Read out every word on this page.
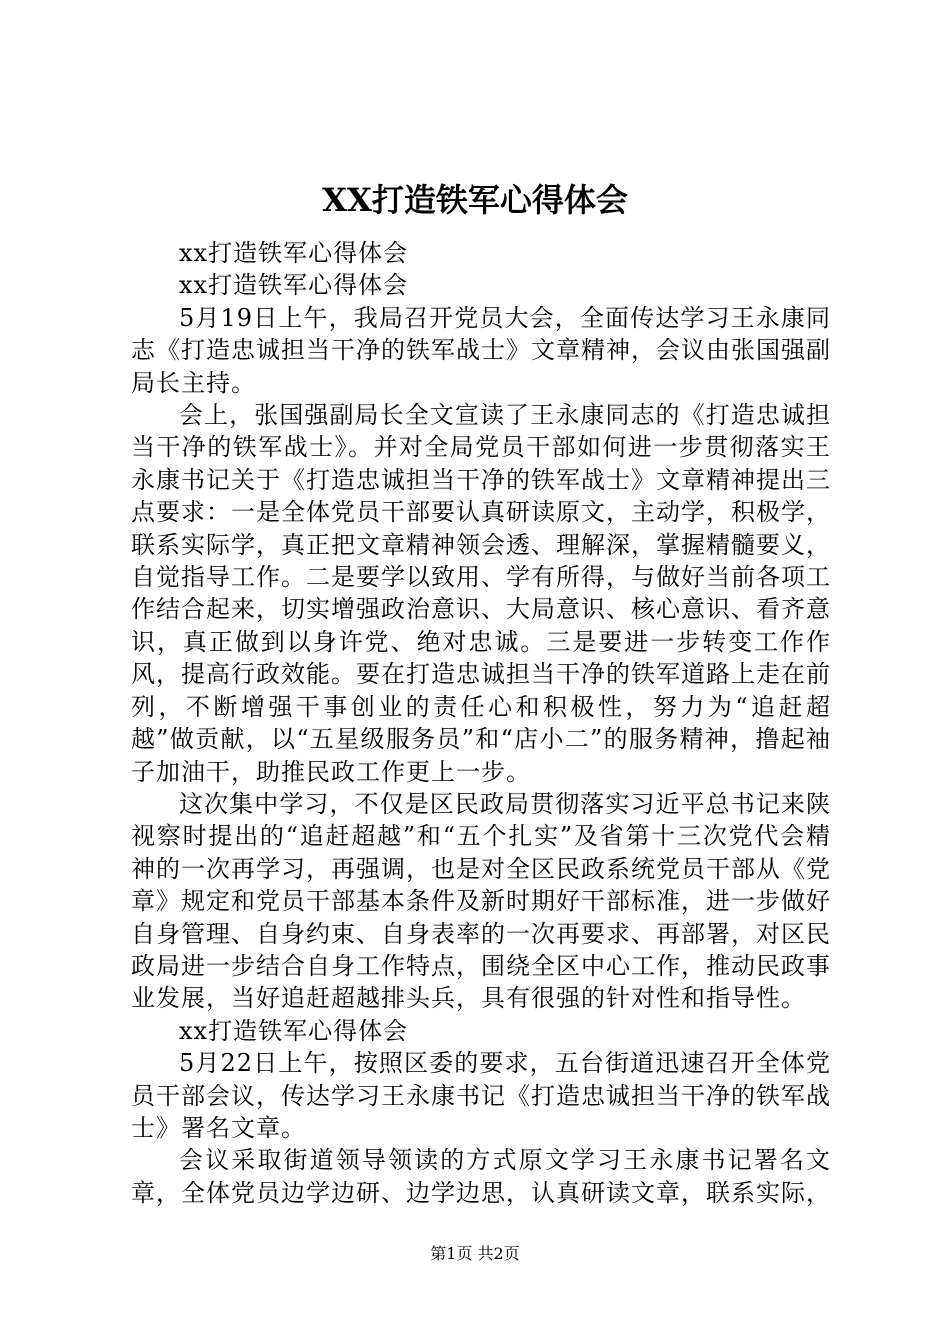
XX打造铁军心得体会

xx打造铁军心得体会

xx打造铁军心得体会

5月19日上午，我局召开党员大会，全面传达学习王永康同志《打造忠诚担当干净的铁军战士》文章精神，会议由张国强副局长主持。

会上，张国强副局长全文宣读了王永康同志的《打造忠诚担当干净的铁军战士》。并对全局党员干部如何进一步贯彻落实王永康书记关于《打造忠诚担当干净的铁军战士》文章精神提出三点要求：一是全体党员干部要认真研读原文，主动学，积极学，联系实际学，真正把文章精神领会透、理解深，掌握精髓要义，自觉指导工作。二是要学以致用、学有所得，与做好当前各项工作结合起来，切实增强政治意识、大局意识、核心意识、看齐意识，真正做到以身许党、绝对忠诚。三是要进一步转变工作作风，提高行政效能。要在打造忠诚担当干净的铁军道路上走在前列，不断增强干事创业的责任心和积极性，努力为“追赶超越”做贡献，以“五星级服务员”和“店小二”的服务精神，撸起袖子加油干，助推民政工作更上一步。

这次集中学习，不仅是区民政局贯彻落实习近平总书记来陕视察时提出的“追赶超越”和“五个扎实”及省第十三次党代会精神的一次再学习，再强调，也是对全区民政系统党员干部从《党章》规定和党员干部基本条件及新时期好干部标准，进一步做好自身管理、自身约束、自身表率的一次再要求、再部署，对区民政局进一步结合自身工作特点，围绕全区中心工作，推动民政事业发展，当好追赶超越排头兵，具有很强的针对性和指导性。

xx打造铁军心得体会

5月22日上午，按照区委的要求，五台街道迅速召开全体党员干部会议，传达学习王永康书记《打造忠诚担当干净的铁军战士》署名文章。

会议采取街道领导领读的方式原文学习王永康书记署名文章，全体党员边学边研、边学边思，认真研读文章，联系实际，

第1页 共2页
